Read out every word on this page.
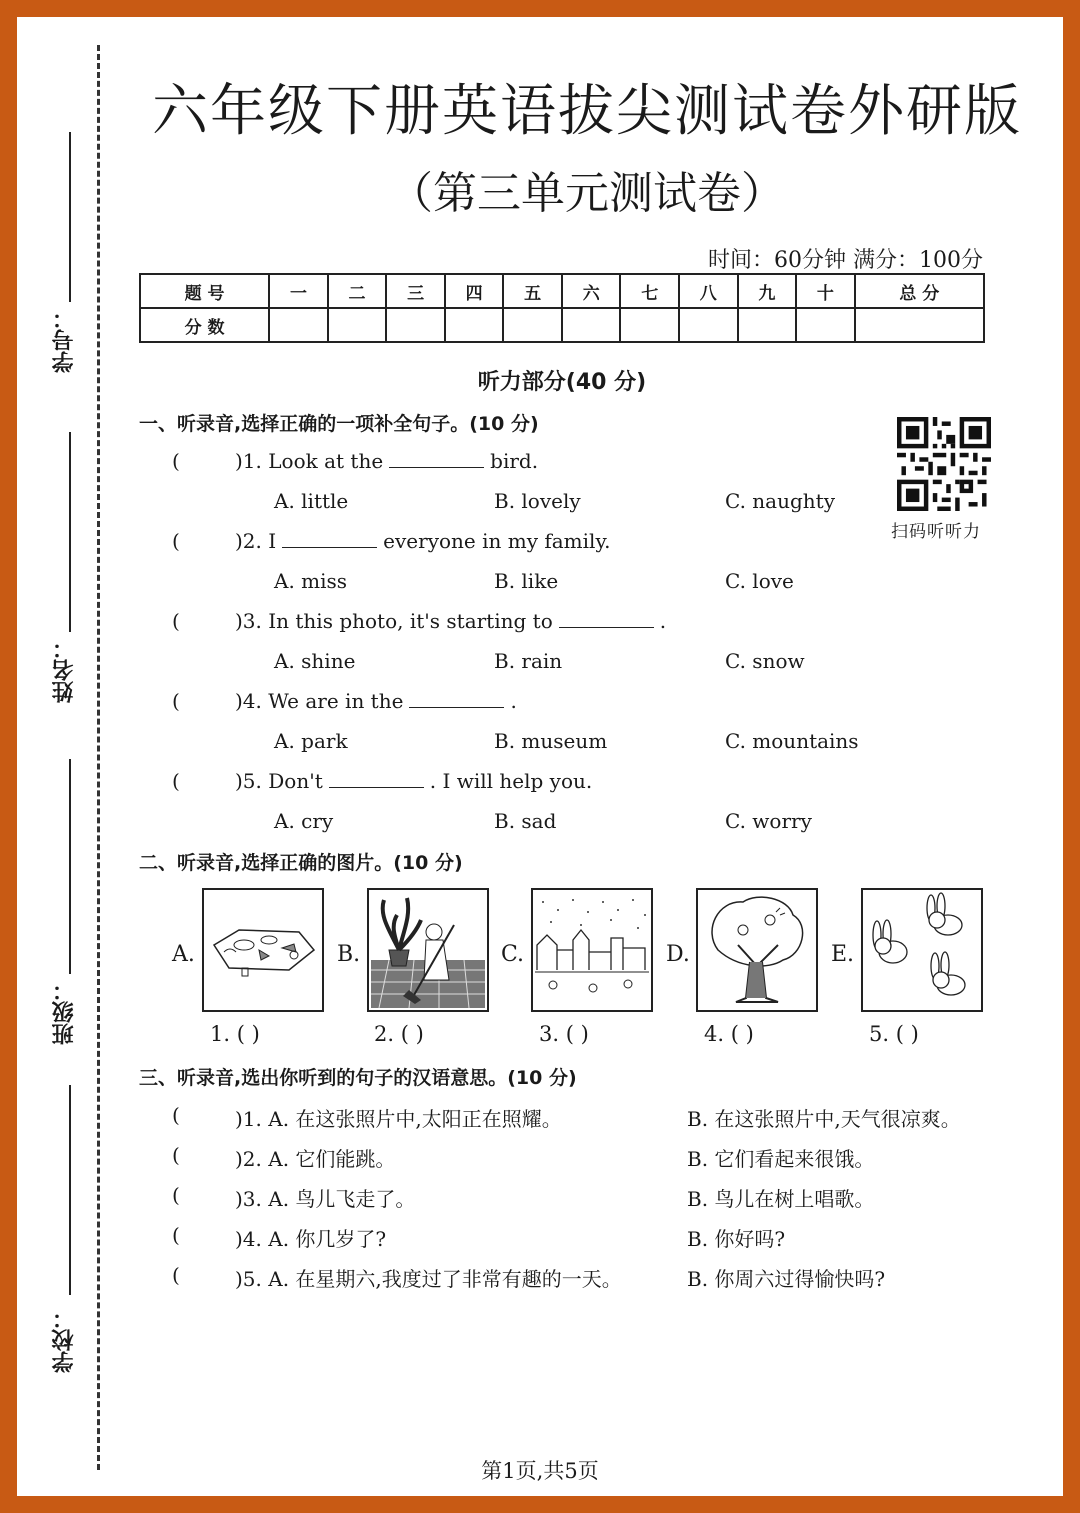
学号：
姓名：
班级：
学校：
六年级下册英语拔尖测试卷外研版
（第三单元测试卷）
时间：60分钟 满分：100分
题 号	一	二	三	四	五	六	七	八	九	十	总 分
分 数											
听力部分(40 分)
一、听录音,选择正确的一项补全句子。(10 分)
(	)1. Look at the	bird.
A. little	B. lovely	C. naughty
(	)2. I	everyone in my family.
A. miss	B. like	C. love
(	)3. In this photo, it's starting to	.
A. shine	B. rain	C. snow
(	)4. We are in the	.
A. park	B. museum	C. mountains
(	)5. Don't	. I will help you.
A. cry	B. sad	C. worry
扫码听听力
二、听录音,选择正确的图片。(10 分)
A.	B.	C.	D.	E.
1. ( )	2. ( )	3. ( )	4. ( )	5. ( )
三、听录音,选出你听到的句子的汉语意思。(10 分)
(	)1. A. 在这张照片中,太阳正在照耀。	B. 在这张照片中,天气很凉爽。
(	)2. A. 它们能跳。	B. 它们看起来很饿。
(	)3. A. 鸟儿飞走了。	B. 鸟儿在树上唱歌。
(	)4. A. 你几岁了?	B. 你好吗?
(	)5. A. 在星期六,我度过了非常有趣的一天。	B. 你周六过得愉快吗?
第1页,共5页
